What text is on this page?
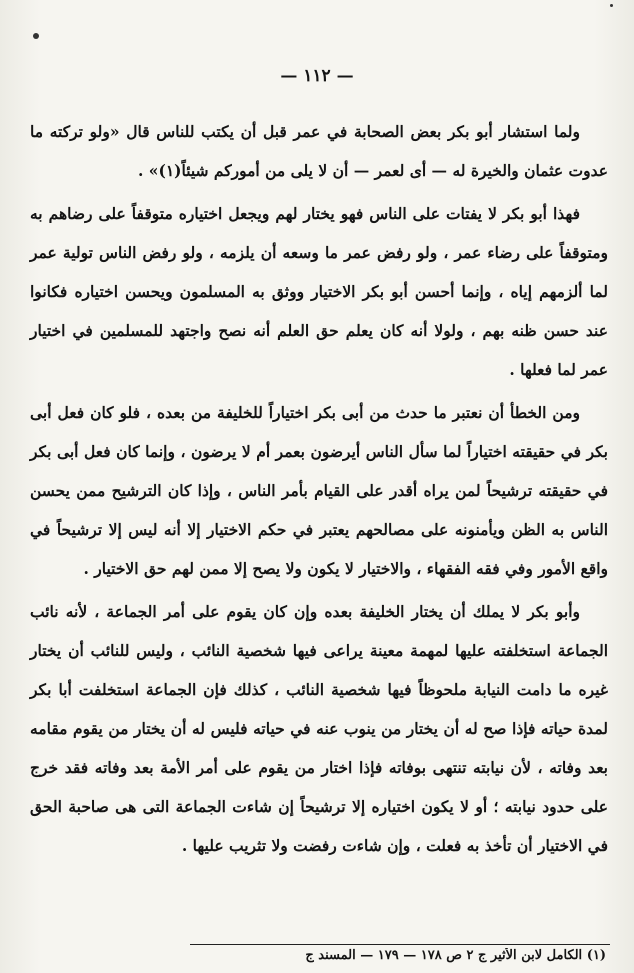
— ١١٢ —

ولما استشار أبو بكر بعض الصحابة في عمر قبل أن يكتب للناس قال «ولو تركته ما عدوت عثمان والخيرة له — أى لعمر — أن لا يلى من أموركم شيئاً(١)» .

فهذا أبو بكر لا يفتات على الناس فهو يختار لهم ويجعل اختياره متوقفاً على رضاهم به ومتوقفاً على رضاء عمر ، ولو رفض عمر ما وسعه أن يلزمه ، ولو رفض الناس تولية عمر لما ألزمهم إياه ، وإنما أحسن أبو بكر الاختيار ووثق به المسلمون ويحسن اختياره فكانوا عند حسن ظنه بهم ، ولولا أنه كان يعلم حق العلم أنه نصح واجتهد للمسلمين في اختيار عمر لما فعلها .

ومن الخطأ أن نعتبر ما حدث من أبى بكر اختياراً للخليفة من بعده ، فلو كان فعل أبى بكر في حقيقته اختياراً لما سأل الناس أيرضون بعمر أم لا يرضون ، وإنما كان فعل أبى بكر في حقيقته ترشيحاً لمن يراه أقدر على القيام بأمر الناس ، وإذا كان الترشيح ممن يحسن الناس به الظن ويأمنونه على مصالحهم يعتبر في حكم الاختيار إلا أنه ليس إلا ترشيحاً في واقع الأمور وفي فقه الفقهاء ، والاختيار لا يكون ولا يصح إلا ممن لهم حق الاختيار .

وأبو بكر لا يملك أن يختار الخليفة بعده وإن كان يقوم على أمر الجماعة ، لأنه نائب الجماعة استخلفته عليها لمهمة معينة يراعى فيها شخصية النائب ، وليس للنائب أن يختار غيره ما دامت النيابة ملحوظاً فيها شخصية النائب ، كذلك فإن الجماعة استخلفت أبا بكر لمدة حياته فإذا صح له أن يختار من ينوب عنه في حياته فليس له أن يختار من يقوم مقامه بعد وفاته ، لأن نيابته تنتهى بوفاته فإذا اختار من يقوم على أمر الأمة بعد وفاته فقد خرج على حدود نيابته ؛ أو لا يكون اختياره إلا ترشيحاً إن شاءت الجماعة التى هى صاحبة الحق في الاختيار أن تأخذ به فعلت ، وإن شاءت رفضت ولا تثريب عليها .

(١) الكامل لابن الأثير ج ٢ ص ١٧٨ — ١٧٩ — المسند ج
